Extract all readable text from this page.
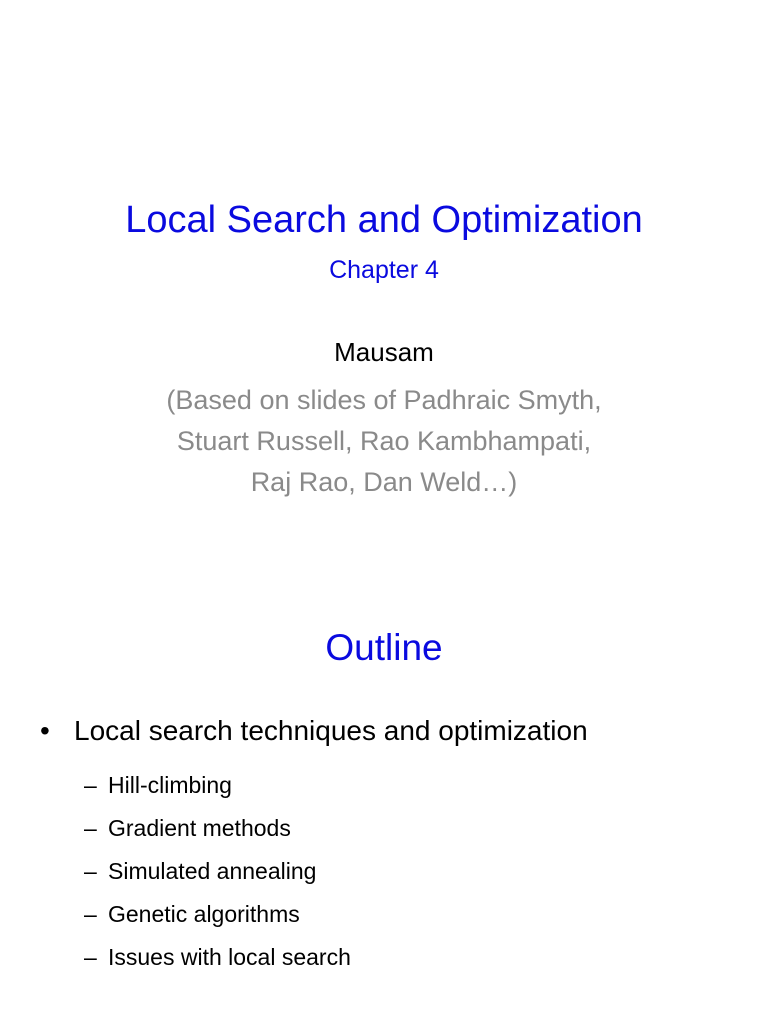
Local Search and Optimization
Chapter 4
Mausam
(Based on slides of Padhraic Smyth,
Stuart Russell, Rao Kambhampati,
Raj Rao, Dan Weld…)
Outline
• Local search techniques and optimization
– Hill-climbing
– Gradient methods
– Simulated annealing
– Genetic algorithms
– Issues with local search
